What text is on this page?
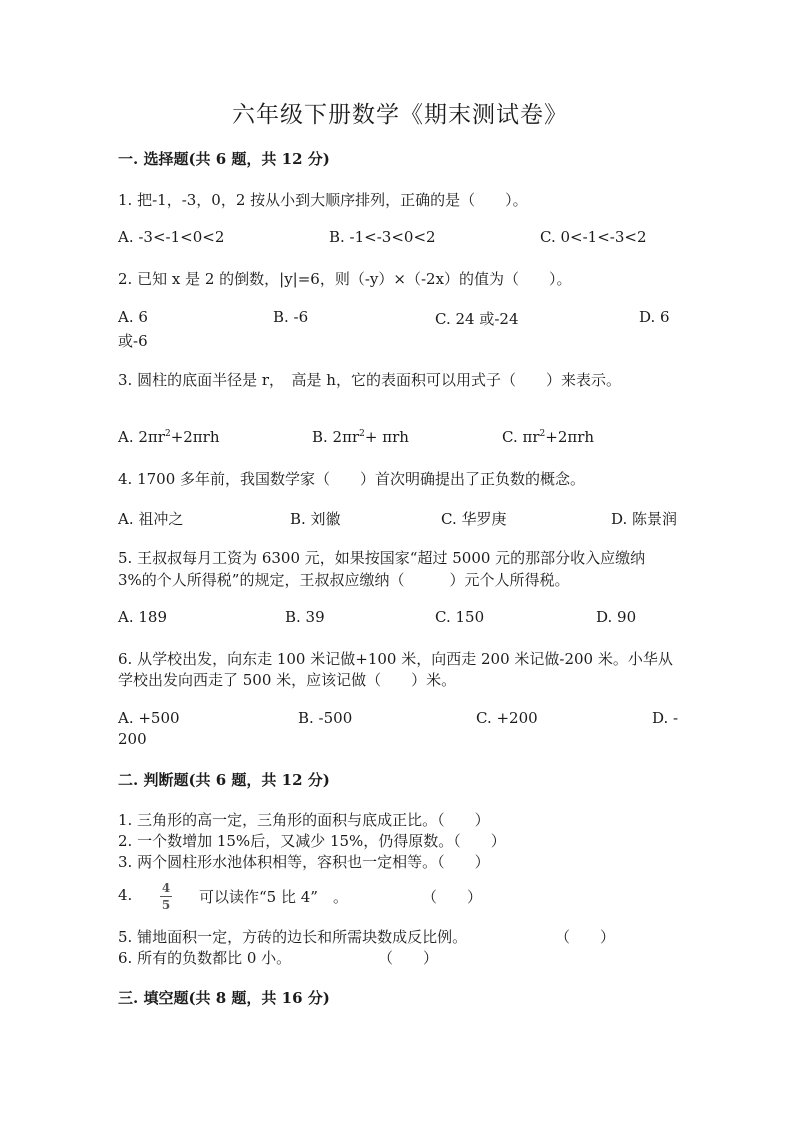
六年级下册数学《期末测试卷》
一. 选择题(共 6 题，共 12 分)
1. 把-1，-3，0，2 按从小到大顺序排列，正确的是（　　）。
A. -3<-1<0<2	B. -1<-3<0<2	C. 0<-1<-3<2
2. 已知 x 是 2 的倒数，|y|=6，则（-y）×（-2x）的值为（　　）。
A. 6	B. -6	C. 24 或-24	D. 6
或-6
3. 圆柱的底面半径是 r，　高是 h，它的表面积可以用式子（　　）来表示。
A. $2\pi r^2+2\pi rh$	B. $2\pi r^2+ \pi rh$	C. $\pi r^2+2\pi rh$
4. 1700 多年前，我国数学家（　　）首次明确提出了正负数的概念。
A. 祖冲之	B. 刘徽	C. 华罗庚	D. 陈景润
5. 王叔叔每月工资为 6300 元，如果按国家“超过 5000 元的那部分收入应缴纳
3%的个人所得税”的规定，王叔叔应缴纳（　　　）元个人所得税。
A. 189	B. 39	C. 150	D. 90
6. 从学校出发，向东走 100 米记做+100 米，向西走 200 米记做-200 米。小华从
学校出发向西走了 500 米，应该记做（　　）米。
A. +500	B. -500	C. +200	D. -
200
二. 判断题(共 6 题，共 12 分)
1. 三角形的高一定，三角形的面积与底成正比。（　　）
2. 一个数增加 15%后，又减少 15%，仍得原数。（　　）
3. 两个圆柱形水池体积相等，容积也一定相等。（　　）
4. 4
5 可以读作“5 比 4”　。	（　　）
5. 铺地面积一定，方砖的边长和所需块数成反比例。	（　　）
6. 所有的负数都比 0 小。	（　　）
三. 填空题(共 8 题，共 16 分)
